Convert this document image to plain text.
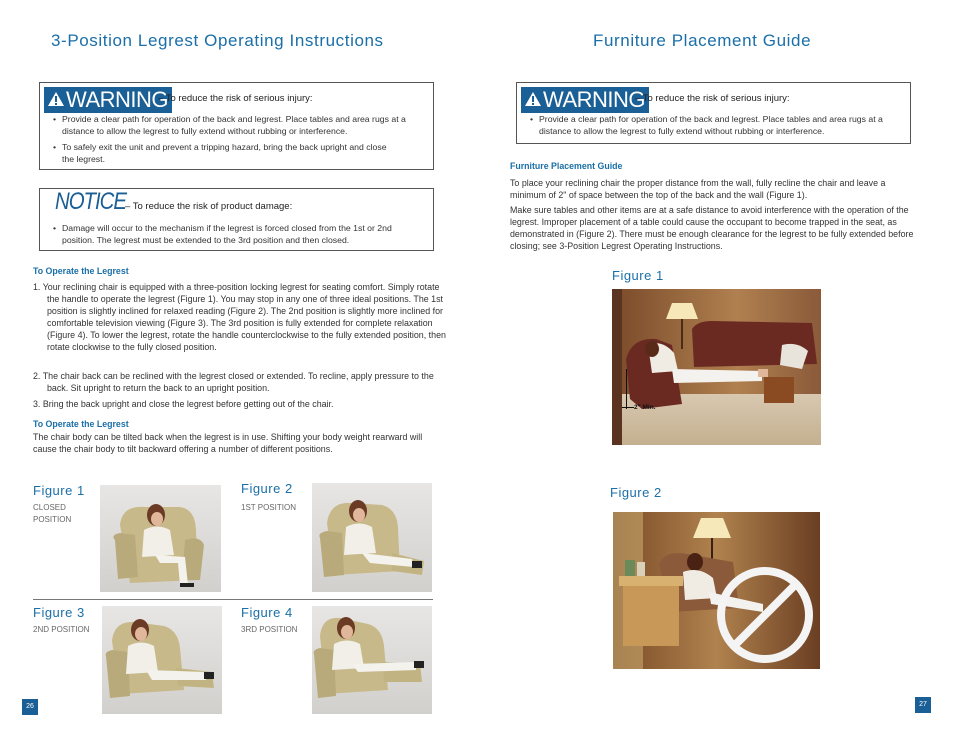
3-Position Legrest Operating Instructions
WARNING
– To reduce the risk of serious injury:
• Provide a clear path for operation of the back and legrest. Place tables and area rugs at a distance to allow the legrest to fully extend without rubbing or interference.
• To safely exit the unit and prevent a tripping hazard, bring the back upright and close the legrest.
NOTICE – To reduce the risk of product damage:
• Damage will occur to the mechanism if the legrest is forced closed from the 1st or 2nd position. The legrest must be extended to the 3rd position and then closed.
To Operate the Legrest
1. Your reclining chair is equipped with a three-position locking legrest for seating comfort. Simply rotate the handle to operate the legrest (Figure 1). You may stop in any one of three ideal positions. The 1st position is slightly inclined for relaxed reading (Figure 2). The 2nd position is slightly more inclined for comfortable television viewing (Figure 3). The 3rd position is fully extended for complete relaxation (Figure 4). To lower the legrest, rotate the handle counterclockwise to the fully extended position, then rotate clockwise to the fully closed position.
2. The chair back can be reclined with the legrest closed or extended. To recline, apply pressure to the back. Sit upright to return the back to an upright position.
3. Bring the back upright and close the legrest before getting out of the chair.
To Operate the Legrest
The chair body can be tilted back when the legrest is in use. Shifting your body weight rearward will cause the chair body to tilt backward offering a number of different positions.
Figure 1
CLOSED POSITION
Figure 2
1ST POSITION
Figure 3
2ND POSITION
Figure 4
3RD POSITION
26
Furniture Placement Guide
WARNING
– To reduce the risk of serious injury:
• Provide a clear path for operation of the back and legrest. Place tables and area rugs at a distance to allow the legrest to fully extend without rubbing or interference.
Furniture Placement Guide
To place your reclining chair the proper distance from the wall, fully recline the chair and leave a minimum of 2" of space between the top of the back and the wall (Figure 1).
Make sure tables and other items are at a safe distance to avoid interference with the operation of the legrest. Improper placement of a table could cause the occupant to become trapped in the seat, as demonstrated in (Figure 2). There must be enough clearance for the legrest to be fully extended before closing; see 3-Position Legrest Operating Instructions.
Figure 1
2" Min.
Figure 2
27
